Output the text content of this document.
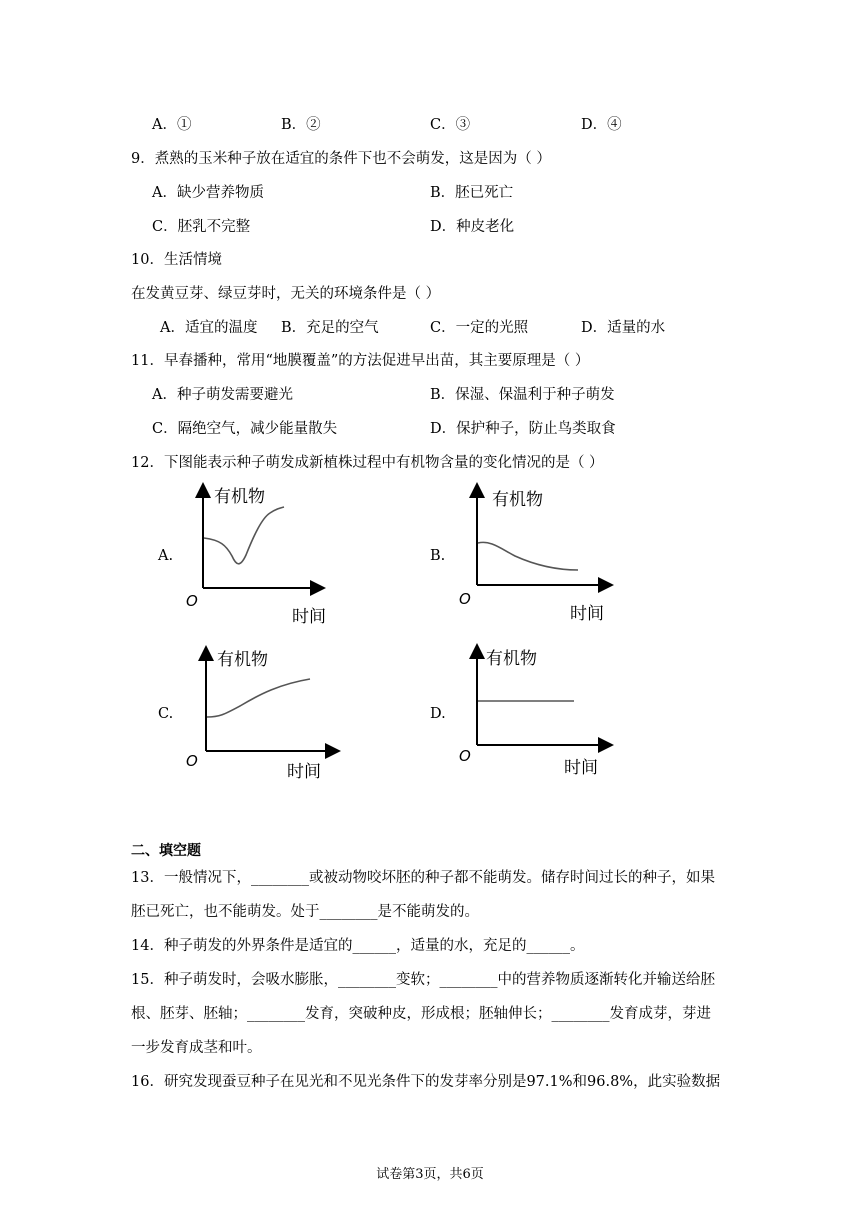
A．①	B．②	C．③	D．④
9．煮熟的玉米种子放在适宜的条件下也不会萌发，这是因为（ ）
A．缺少营养物质	B．胚已死亡
C．胚乳不完整	D．种皮老化
10．生活情境
在发黄豆芽、绿豆芽时，无关的环境条件是（ ）
A．适宜的温度 B．充足的空气	C．一定的光照	D．适量的水
11．早春播种，常用“地膜覆盖”的方法促进早出苗，其主要原理是（ ）
A．种子萌发需要避光	B．保湿、保温利于种子萌发
C．隔绝空气，减少能量散失	D．保护种子，防止鸟类取食
12．下图能表示种子萌发成新植株过程中有机物含量的变化情况的是（ ）
A.	B.
C.	D.
有机物
时间
O
有机物
时间
O
有机物
时间
O
有机物
时间
O
二、填空题
13．一般情况下，________或被动物咬坏胚的种子都不能萌发。储存时间过长的种子，如果
胚已死亡，也不能萌发。处于________是不能萌发的。
14．种子萌发的外界条件是适宜的______，适量的水，充足的______。
15．种子萌发时，会吸水膨胀，________变软；________中的营养物质逐渐转化并输送给胚
根、胚芽、胚轴；________发育，突破种皮，形成根；胚轴伸长；________发育成芽，芽进
一步发育成茎和叶。
16．研究发现蚕豆种子在见光和不见光条件下的发芽率分别是97.1%和96.8%，此实验数据
试卷第3页，共6页
